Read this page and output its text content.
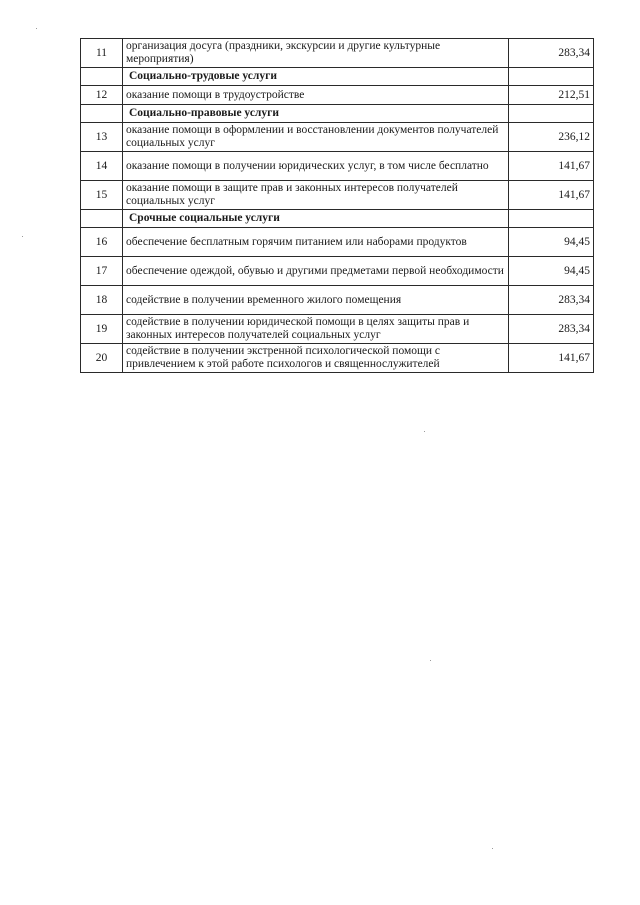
11	организация досуга (праздники, экскурсии и другие культурные мероприятия)	283,34
	Социально-трудовые услуги	
12	оказание помощи в трудоустройстве	212,51
	Социально-правовые услуги	
13	оказание помощи в оформлении и восстановлении документов получателей социальных услуг	236,12
14	оказание помощи в получении юридических услуг, в том числе бесплатно	141,67
15	оказание помощи в защите прав и законных интересов получателей социальных услуг	141,67
	Срочные социальные услуги	
16	обеспечение бесплатным горячим питанием или наборами продуктов	94,45
17	обеспечение одеждой, обувью и другими предметами первой необходимости	94,45
18	содействие в получении временного жилого помещения	283,34
19	содействие в получении юридической помощи в целях защиты прав и законных интересов получателей социальных услуг	283,34
20	содействие в получении экстренной психологической помощи с привлечением к этой работе психологов и священнослужителей	141,67
